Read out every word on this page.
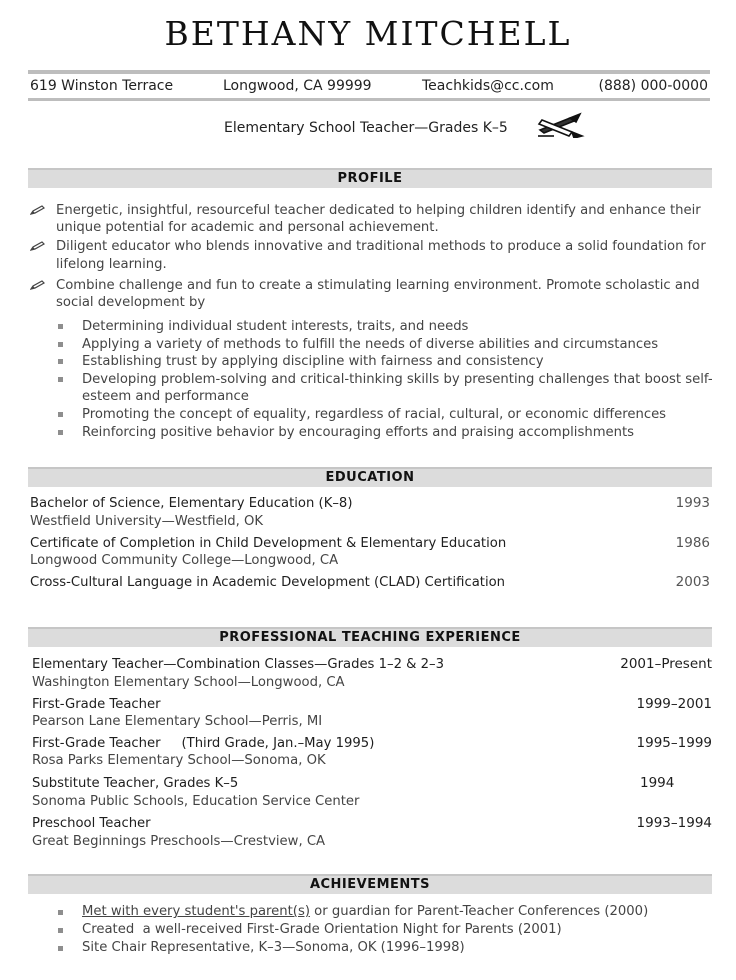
BETHANY MITCHELL
619 Winston Terrace	Longwood, CA 99999	Teachkids@cc.com	(888) 000-0000
Elementary School Teacher—Grades K–5
PROFILE
Energetic, insightful, resourceful teacher dedicated to helping children identify and enhance their
unique potential for academic and personal achievement.
Diligent educator who blends innovative and traditional methods to produce a solid foundation for
lifelong learning.
Combine challenge and fun to create a stimulating learning environment. Promote scholastic and
social development by
Determining individual student interests, traits, and needs
Applying a variety of methods to fulfill the needs of diverse abilities and circumstances
Establishing trust by applying discipline with fairness and consistency
Developing problem-solving and critical-thinking skills by presenting challenges that boost self-
esteem and performance
Promoting the concept of equality, regardless of racial, cultural, or economic differences
Reinforcing positive behavior by encouraging efforts and praising accomplishments
EDUCATION
Bachelor of Science, Elementary Education (K–8)
Westfield University—Westfield, OK
1993
Certificate of Completion in Child Development & Elementary Education
Longwood Community College—Longwood, CA
1986
Cross-Cultural Language in Academic Development (CLAD) Certification	2003
PROFESSIONAL TEACHING EXPERIENCE
Elementary Teacher—Combination Classes—Grades 1–2 & 2–3
Washington Elementary School—Longwood, CA
2001–Present
First-Grade Teacher
Pearson Lane Elementary School—Perris, MI
1999–2001
First-Grade Teacher     (Third Grade, Jan.–May 1995)
Rosa Parks Elementary School—Sonoma, OK
1995–1999
Substitute Teacher, Grades K–5
Sonoma Public Schools, Education Service Center
1994
Preschool Teacher
Great Beginnings Preschools—Crestview, CA
1993–1994
ACHIEVEMENTS
Met with every student's parent(s) or guardian for Parent-Teacher Conferences (2000)
Created  a well-received First-Grade Orientation Night for Parents (2001)
Site Chair Representative, K–3—Sonoma, OK (1996–1998)
